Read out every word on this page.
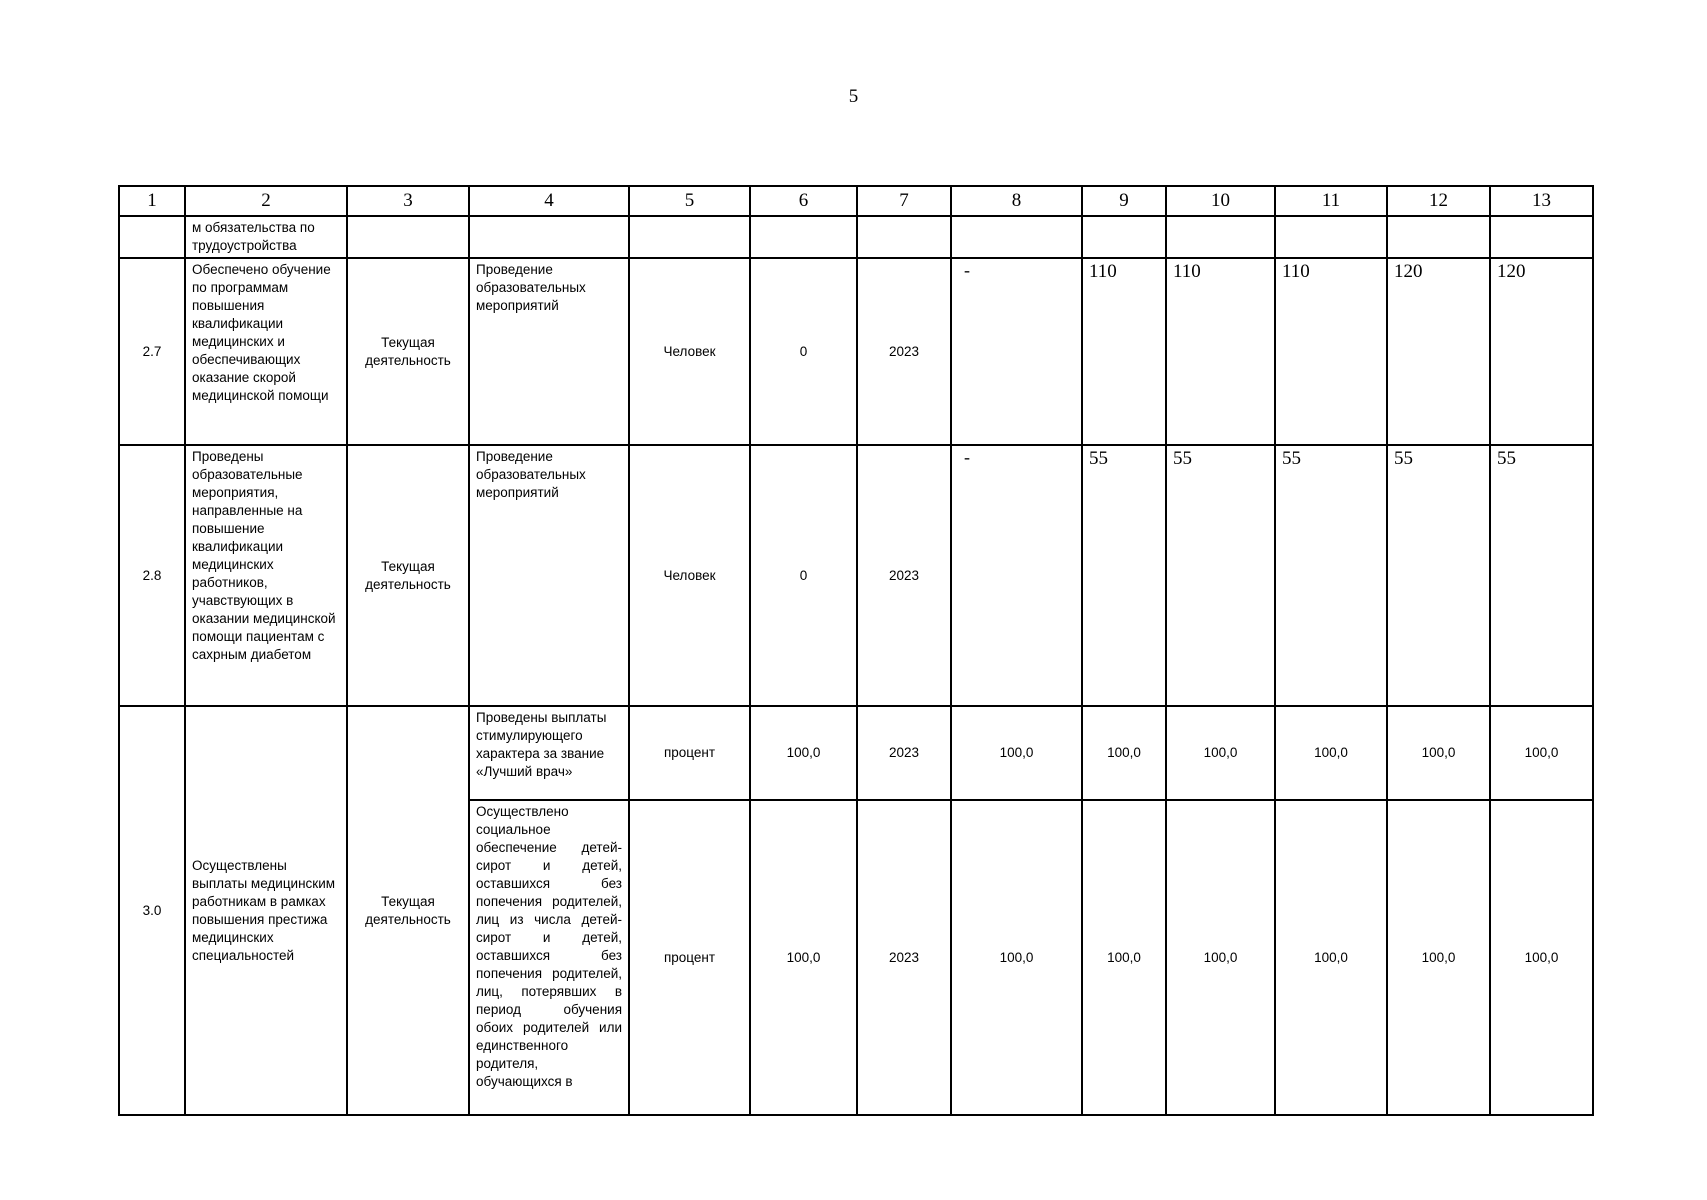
5
1	2	3	4	5	6	7	8	9	10	11	12	13
	м обязательства по трудоустройства											
2.7	Обеспечено обучение по программам повышения квалификации медицинских и обеспечивающих оказание скорой медицинской помощи	Текущая деятельность	Проведение образовательных мероприятий	Человек	0	2023	-	110	110	110	120	120
2.8	Проведены образовательные мероприятия, направленные на повышение квалификации медицинских работников, учавствующих в оказании медицинской помощи пациентам с сахрным диабетом	Текущая деятельность	Проведение образовательных мероприятий	Человек	0	2023	-	55	55	55	55	55
3.0	Осуществлены выплаты медицинским работникам в рамках повышения престижа медицинских специальностей	Текущая деятельность	Проведены выплаты стимулирующего характера за звание «Лучший врач»	процент	100,0	2023	100,0	100,0	100,0	100,0	100,0	100,0
			Осуществлено социальное обеспечение детей-сирот и детей, оставшихся без попечения родителей, лиц из числа детей-сирот и детей, оставшихся без попечения родителей, лиц, потерявших в период обучения обоих родителей или единственного родителя, обучающихся в	процент	100,0	2023	100,0	100,0	100,0	100,0	100,0	100,0
